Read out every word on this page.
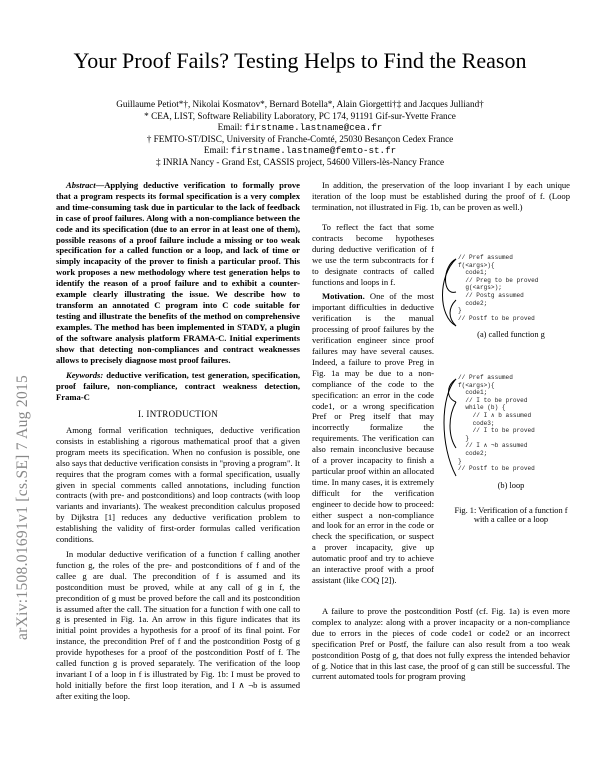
Your Proof Fails? Testing Helps to Find the Reason
Guillaume Petiot*†, Nikolai Kosmatov*, Bernard Botella*, Alain Giorgetti†‡ and Jacques Julliand†
* CEA, LIST, Software Reliability Laboratory, PC 174, 91191 Gif-sur-Yvette France
Email: firstname.lastname@cea.fr
† FEMTO-ST/DISC, University of Franche-Comté, 25030 Besançon Cedex France
Email: firstname.lastname@femto-st.fr
‡ INRIA Nancy - Grand Est, CASSIS project, 54600 Villers-lès-Nancy France
arXiv:1508.01691v1 [cs.SE] 7 Aug 2015

Abstract—Applying deductive verification to formally prove that a program respects its formal specification is a very complex and time-consuming task due in particular to the lack of feedback in case of proof failures. Along with a non-compliance between the code and its specification (due to an error in at least one of them), possible reasons of a proof failure include a missing or too weak specification for a called function or a loop, and lack of time or simply incapacity of the prover to finish a particular proof. This work proposes a new methodology where test generation helps to identify the reason of a proof failure and to exhibit a counter-example clearly illustrating the issue. We describe how to transform an annotated C program into C code suitable for testing and illustrate the benefits of the method on comprehensive examples. The method has been implemented in STADY, a plugin of the software analysis platform FRAMA-C. Initial experiments show that detecting non-compliances and contract weaknesses allows to precisely diagnose most proof failures.

Keywords: deductive verification, test generation, specification, proof failure, non-compliance, contract weakness detection, Frama-C

I. INTRODUCTION

Among formal verification techniques, deductive verification consists in establishing a rigorous mathematical proof that a given program meets its specification. When no confusion is possible, one also says that deductive verification consists in "proving a program". It requires that the program comes with a formal specification, usually given in special comments called annotations, including function contracts (with pre- and postconditions) and loop contracts (with loop variants and invariants). The weakest precondition calculus proposed by Dijkstra [1] reduces any deductive verification problem to establishing the validity of first-order formulas called verification conditions.

In modular deductive verification of a function f calling another function g, the roles of the pre- and postconditions of f and of the callee g are dual. The precondition of f is assumed and its postcondition must be proved, while at any call of g in f, the precondition of g must be proved before the call and its postcondition is assumed after the call. The situation for a function f with one call to g is presented in Fig. 1a. An arrow in this figure indicates that its initial point provides a hypothesis for a proof of its final point. For instance, the precondition Pref of f and the postcondition Postg of g provide hypotheses for a proof of the postcondition Postf of f. The called function g is proved separately. The verification of the loop invariant I of a loop in f is illustrated by Fig. 1b: I must be proved to hold initially before the first loop iteration, and I ∧ ¬b is assumed after exiting the loop.

In addition, the preservation of the loop invariant I by each unique iteration of the loop must be established during the proof of f. (Loop termination, not illustrated in Fig. 1b, can be proven as well.)

To reflect the fact that some contracts become hypotheses during deductive verification of f we use the term subcontracts for f to designate contracts of called functions and loops in f.

Motivation. One of the most important difficulties in deductive verification is the manual processing of proof failures by the verification engineer since proof failures may have several causes. Indeed, a failure to prove Preg in Fig. 1a may be due to a non-compliance of the code to the specification: an error in the code code1, or a wrong specification Pref or Preg itself that may incorrectly formalize the requirements. The verification can also remain inconclusive because of a prover incapacity to finish a particular proof within an allocated time. In many cases, it is extremely difficult for the verification engineer to decide how to proceed: either suspect a non-compliance and look for an error in the code or check the specification, or suspect a prover incapacity, give up automatic proof and try to achieve an interactive proof with a proof assistant (like COQ [2]).

// Pref assumed
f(<args>){
code1;
// Preg to be proved
g(<args>);
// Postg assumed
code2;
}
// Postf to be proved
(a) called function g
// Pref assumed
f(<args>){
code1;
// I to be proved
while (b) {
// I ∧ b assumed
code3;
// I to be proved
}
// I ∧ ¬b assumed
code2;
}
// Postf to be proved
(b) loop
Fig. 1: Verification of a function f with a callee or a loop

A failure to prove the postcondition Postf (cf. Fig. 1a) is even more complex to analyze: along with a prover incapacity or a non-compliance due to errors in the pieces of code code1 or code2 or an incorrect specification Pref or Postf, the failure can also result from a too weak postcondition Postg of g, that does not fully express the intended behavior of g. Notice that in this last case, the proof of g can still be successful. The current automated tools for program proving
